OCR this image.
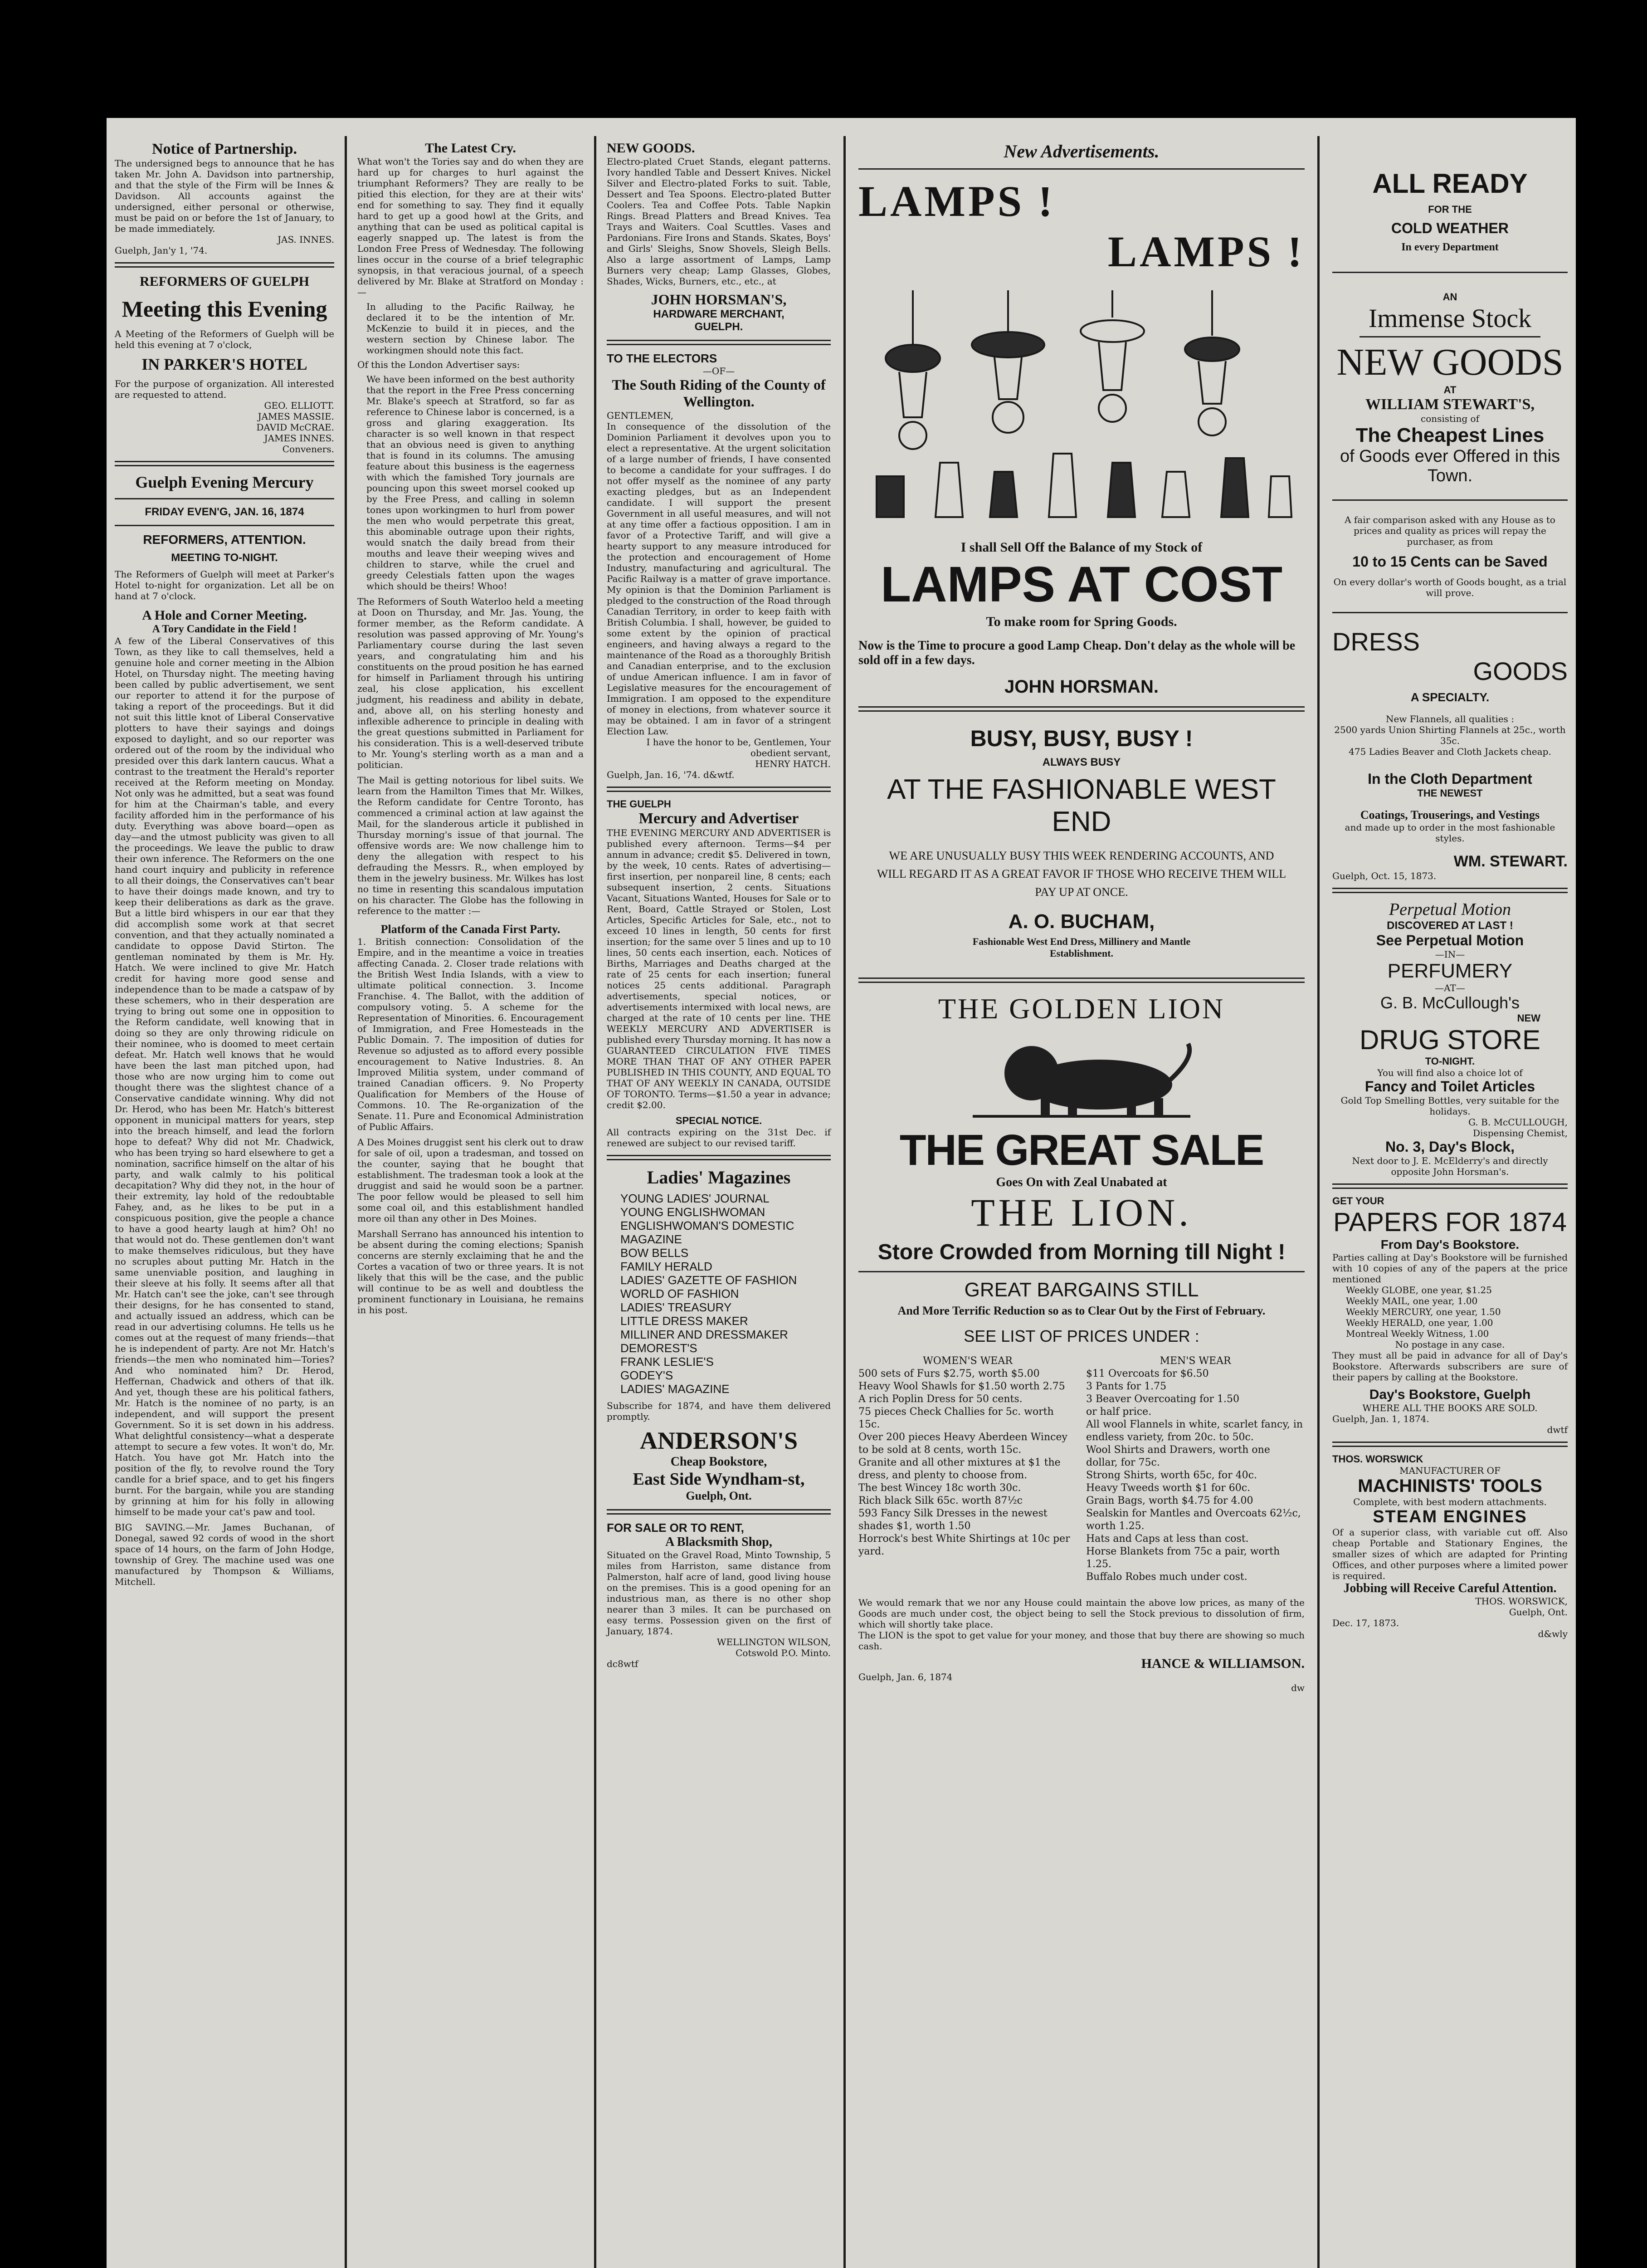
Notice of Partnership.
The undersigned begs to announce that he has taken Mr. John A. Davidson into partnership, and that the style of the Firm will be Innes & Davidson. All accounts against the undersigned, either personal or otherwise, must be paid on or before the 1st of January, to be made immediately.
JAS. INNES.
Guelph, Jan'y 1, '74.
REFORMERS OF GUELPH
Meeting this Evening
A Meeting of the Reformers of Guelph will be held this evening at 7 o'clock,
IN PARKER'S HOTEL
For the purpose of organization. All interested are requested to attend.
GEO. ELLIOTT.
JAMES MASSIE.
DAVID McCRAE.
JAMES INNES.
Conveners.
Guelph Evening Mercury
FRIDAY EVEN'G, JAN. 16, 1874
REFORMERS, ATTENTION.
MEETING TO-NIGHT.
The Reformers of Guelph will meet at Parker's Hotel to-night for organization. Let all be on hand at 7 o'clock.
A Hole and Corner Meeting.
A Tory Candidate in the Field !
A few of the Liberal Conservatives of this Town, as they like to call themselves, held a genuine hole and corner meeting in the Albion Hotel, on Thursday night. The meeting having been called by public advertisement, we sent our reporter to attend it for the purpose of taking a report of the proceedings. But it did not suit this little knot of Liberal Conservative plotters to have their sayings and doings exposed to daylight, and so our reporter was ordered out of the room by the individual who presided over this dark lantern caucus. What a contrast to the treatment the Herald's reporter received at the Reform meeting on Monday. Not only was he admitted, but a seat was found for him at the Chairman's table, and every facility afforded him in the performance of his duty. Everything was above board—open as day—and the utmost publicity was given to all the proceedings. We leave the public to draw their own inference. The Reformers on the one hand court inquiry and publicity in reference to all their doings, the Conservatives can't bear to have their doings made known, and try to keep their deliberations as dark as the grave. But a little bird whispers in our ear that they did accomplish some work at that secret convention, and that they actually nominated a candidate to oppose David Stirton. The gentleman nominated by them is Mr. Hy. Hatch. We were inclined to give Mr. Hatch credit for having more good sense and independence than to be made a catspaw of by these schemers, who in their desperation are trying to bring out some one in opposition to the Reform candidate, well knowing that in doing so they are only throwing ridicule on their nominee, who is doomed to meet certain defeat. Mr. Hatch well knows that he would have been the last man pitched upon, had those who are now urging him to come out thought there was the slightest chance of a Conservative candidate winning. Why did not Dr. Herod, who has been Mr. Hatch's bitterest opponent in municipal matters for years, step into the breach himself, and lead the forlorn hope to defeat? Why did not Mr. Chadwick, who has been trying so hard elsewhere to get a nomination, sacrifice himself on the altar of his party, and walk calmly to his political decapitation? Why did they not, in the hour of their extremity, lay hold of the redoubtable Fahey, and, as he likes to be put in a conspicuous position, give the people a chance to have a good hearty laugh at him? Oh! no that would not do. These gentlemen don't want to make themselves ridiculous, but they have no scruples about putting Mr. Hatch in the same unenviable position, and laughing in their sleeve at his folly. It seems after all that Mr. Hatch can't see the joke, can't see through their designs, for he has consented to stand, and actually issued an address, which can be read in our advertising columns. He tells us he comes out at the request of many friends—that he is independent of party. Are not Mr. Hatch's friends—the men who nominated him—Tories? And who nominated him? Dr. Herod, Heffernan, Chadwick and others of that ilk. And yet, though these are his political fathers, Mr. Hatch is the nominee of no party, is an independent, and will support the present Government. So it is set down in his address. What delightful consistency—what a desperate attempt to secure a few votes. It won't do, Mr. Hatch. You have got Mr. Hatch into the position of the fly, to revolve round the Tory candle for a brief space, and to get his fingers burnt. For the bargain, while you are standing by grinning at him for his folly in allowing himself to be made your cat's paw and tool.
BIG SAVING.—Mr. James Buchanan, of Donegal, sawed 92 cords of wood in the short space of 14 hours, on the farm of John Hodge, township of Grey. The machine used was one manufactured by Thompson & Williams, Mitchell.
The Latest Cry.
What won't the Tories say and do when they are hard up for charges to hurl against the triumphant Reformers? They are really to be pitied this election, for they are at their wits' end for something to say. They find it equally hard to get up a good howl at the Grits, and anything that can be used as political capital is eagerly snapped up. The latest is from the London Free Press of Wednesday. The following lines occur in the course of a brief telegraphic synopsis, in that veracious journal, of a speech delivered by Mr. Blake at Stratford on Monday :—
In alluding to the Pacific Railway, he declared it to be the intention of Mr. McKenzie to build it in pieces, and the western section by Chinese labor. The workingmen should note this fact.
Of this the London Advertiser says:
We have been informed on the best authority that the report in the Free Press concerning Mr. Blake's speech at Stratford, so far as reference to Chinese labor is concerned, is a gross and glaring exaggeration. Its character is so well known in that respect that an obvious need is given to anything that is found in its columns. The amusing feature about this business is the eagerness with which the famished Tory journals are pouncing upon this sweet morsel cooked up by the Free Press, and calling in solemn tones upon workingmen to hurl from power the men who would perpetrate this great, this abominable outrage upon their rights, would snatch the daily bread from their mouths and leave their weeping wives and children to starve, while the cruel and greedy Celestials fatten upon the wages which should be theirs! Whoo!
The Reformers of South Waterloo held a meeting at Doon on Thursday, and Mr. Jas. Young, the former member, as the Reform candidate. A resolution was passed approving of Mr. Young's Parliamentary course during the last seven years, and congratulating him and his constituents on the proud position he has earned for himself in Parliament through his untiring zeal, his close application, his excellent judgment, his readiness and ability in debate, and, above all, on his sterling honesty and inflexible adherence to principle in dealing with the great questions submitted in Parliament for his consideration. This is a well-deserved tribute to Mr. Young's sterling worth as a man and a politician.
The Mail is getting notorious for libel suits. We learn from the Hamilton Times that Mr. Wilkes, the Reform candidate for Centre Toronto, has commenced a criminal action at law against the Mail, for the slanderous article it published in Thursday morning's issue of that journal. The offensive words are: We now challenge him to deny the allegation with respect to his defrauding the Messrs. R., when employed by them in the jewelry business. Mr. Wilkes has lost no time in resenting this scandalous imputation on his character. The Globe has the following in reference to the matter :—
Platform of the Canada First Party.
1. British connection: Consolidation of the Empire, and in the meantime a voice in treaties affecting Canada. 2. Closer trade relations with the British West India Islands, with a view to ultimate political connection. 3. Income Franchise. 4. The Ballot, with the addition of compulsory voting. 5. A scheme for the Representation of Minorities. 6. Encouragement of Immigration, and Free Homesteads in the Public Domain. 7. The imposition of duties for Revenue so adjusted as to afford every possible encouragement to Native Industries. 8. An Improved Militia system, under command of trained Canadian officers. 9. No Property Qualification for Members of the House of Commons. 10. The Re-organization of the Senate. 11. Pure and Economical Administration of Public Affairs.
A Des Moines druggist sent his clerk out to draw for sale of oil, upon a tradesman, and tossed on the counter, saying that he bought that establishment. The tradesman took a look at the druggist and said he would soon be a partner. The poor fellow would be pleased to sell him some coal oil, and this establishment handled more oil than any other in Des Moines.
Marshall Serrano has announced his intention to be absent during the coming elections; Spanish concerns are sternly exclaiming that he and the Cortes a vacation of two or three years. It is not likely that this will be the case, and the public will continue to be as well and doubtless the prominent functionary in Louisiana, he remains in his post.
NEW GOODS.
Electro-plated Cruet Stands, elegant patterns. Ivory handled Table and Dessert Knives. Nickel Silver and Electro-plated Forks to suit. Table, Dessert and Tea Spoons. Electro-plated Butter Coolers. Tea and Coffee Pots. Table Napkin Rings. Bread Platters and Bread Knives. Tea Trays and Waiters. Coal Scuttles. Vases and Pardonians. Fire Irons and Stands. Skates, Boys' and Girls' Sleighs, Snow Shovels, Sleigh Bells. Also a large assortment of Lamps, Lamp Burners very cheap; Lamp Glasses, Globes, Shades, Wicks, Burners, etc., etc., at
JOHN HORSMAN'S,
HARDWARE MERCHANT,
GUELPH.
TO THE ELECTORS
—OF—
The South Riding of the County of Wellington.
GENTLEMEN,
In consequence of the dissolution of the Dominion Parliament it devolves upon you to elect a representative. At the urgent solicitation of a large number of friends, I have consented to become a candidate for your suffrages. I do not offer myself as the nominee of any party exacting pledges, but as an Independent candidate. I will support the present Government in all useful measures, and will not at any time offer a factious opposition. I am in favor of a Protective Tariff, and will give a hearty support to any measure introduced for the protection and encouragement of Home Industry, manufacturing and agricultural. The Pacific Railway is a matter of grave importance. My opinion is that the Dominion Parliament is pledged to the construction of the Road through Canadian Territory, in order to keep faith with British Columbia. I shall, however, be guided to some extent by the opinion of practical engineers, and having always a regard to the maintenance of the Road as a thoroughly British and Canadian enterprise, and to the exclusion of undue American influence. I am in favor of Legislative measures for the encouragement of Immigration. I am opposed to the expenditure of money in elections, from whatever source it may be obtained. I am in favor of a stringent Election Law.
I have the honor to be, Gentlemen, Your obedient servant,
HENRY HATCH.
Guelph, Jan. 16, '74. d&wtf.
THE GUELPH
Mercury and Advertiser
THE EVENING MERCURY AND ADVERTISER is published every afternoon. Terms—$4 per annum in advance; credit $5. Delivered in town, by the week, 10 cents. Rates of advertising—first insertion, per nonpareil line, 8 cents; each subsequent insertion, 2 cents. Situations Vacant, Situations Wanted, Houses for Sale or to Rent, Board, Cattle Strayed or Stolen, Lost Articles, Specific Articles for Sale, etc., not to exceed 10 lines in length, 50 cents for first insertion; for the same over 5 lines and up to 10 lines, 50 cents each insertion, each. Notices of Births, Marriages and Deaths charged at the rate of 25 cents for each insertion; funeral notices 25 cents additional. Paragraph advertisements, special notices, or advertisements intermixed with local news, are charged at the rate of 10 cents per line. THE WEEKLY MERCURY AND ADVERTISER is published every Thursday morning. It has now a GUARANTEED CIRCULATION FIVE TIMES MORE THAN THAT OF ANY OTHER PAPER PUBLISHED IN THIS COUNTY, AND EQUAL TO THAT OF ANY WEEKLY IN CANADA, OUTSIDE OF TORONTO. Terms—$1.50 a year in advance; credit $2.00.
SPECIAL NOTICE.
All contracts expiring on the 31st Dec. if renewed are subject to our revised tariff.
Ladies' Magazines
YOUNG LADIES' JOURNAL
YOUNG ENGLISHWOMAN
ENGLISHWOMAN'S DOMESTIC MAGAZINE
BOW BELLS
FAMILY HERALD
LADIES' GAZETTE OF FASHION
WORLD OF FASHION
LADIES' TREASURY
LITTLE DRESS MAKER
MILLINER AND DRESSMAKER
DEMOREST'S
FRANK LESLIE'S
GODEY'S
LADIES' MAGAZINE
Subscribe for 1874, and have them delivered promptly.
ANDERSON'S
Cheap Bookstore,
East Side Wyndham-st,
Guelph, Ont.
FOR SALE OR TO RENT,
A Blacksmith Shop,
Situated on the Gravel Road, Minto Township, 5 miles from Harriston, same distance from Palmerston, half acre of land, good living house on the premises. This is a good opening for an industrious man, as there is no other shop nearer than 3 miles. It can be purchased on easy terms. Possession given on the first of January, 1874.
WELLINGTON WILSON,
Cotswold P.O. Minto.
dc8wtf
New Advertisements.
LAMPS !
LAMPS !
I shall Sell Off the Balance of my Stock of
LAMPS AT COST
To make room for Spring Goods.
Now is the Time to procure a good Lamp Cheap. Don't delay as the whole will be sold off in a few days.
JOHN HORSMAN.
BUSY, BUSY, BUSY !
ALWAYS BUSY
AT THE FASHIONABLE WEST END
WE ARE UNUSUALLY BUSY THIS WEEK RENDERING ACCOUNTS, AND WILL REGARD IT AS A GREAT FAVOR IF THOSE WHO RECEIVE THEM WILL PAY UP AT ONCE.
A. O. BUCHAM,
Fashionable West End Dress, Millinery and Mantle Establishment.
THE GOLDEN LION
THE GREAT SALE
Goes On with Zeal Unabated at
THE LION.
Store Crowded from Morning till Night !
GREAT BARGAINS STILL
And More Terrific Reduction so as to Clear Out by the First of February.
SEE LIST OF PRICES UNDER :
WOMEN'S WEAR
500 sets of Furs $2.75, worth $5.00
Heavy Wool Shawls for $1.50 worth 2.75
A rich Poplin Dress for 50 cents.
75 pieces Check Challies for 5c. worth 15c.
Over 200 pieces Heavy Aberdeen Wincey to be sold at 8 cents, worth 15c.
Granite and all other mixtures at $1 the dress, and plenty to choose from.
The best Wincey 18c worth 30c.
Rich black Silk 65c. worth 87½c
593 Fancy Silk Dresses in the newest shades $1, worth 1.50
Horrock's best White Shirtings at 10c per yard.
MEN'S WEAR
$11 Overcoats for $6.50
3 Pants for 1.75
3 Beaver Overcoating for 1.50
or half price.
All wool Flannels in white, scarlet fancy, in endless variety, from 20c. to 50c.
Wool Shirts and Drawers, worth one dollar, for 75c.
Strong Shirts, worth 65c, for 40c.
Heavy Tweeds worth $1 for 60c.
Grain Bags, worth $4.75 for 4.00
Sealskin for Mantles and Overcoats 62½c, worth 1.25.
Hats and Caps at less than cost.
Horse Blankets from 75c a pair, worth 1.25.
Buffalo Robes much under cost.
We would remark that we nor any House could maintain the above low prices, as many of the Goods are much under cost, the object being to sell the Stock previous to dissolution of firm, which will shortly take place.
The LION is the spot to get value for your money, and those that buy there are showing so much cash.
HANCE & WILLIAMSON.
Guelph, Jan. 6, 1874
dw
ALL READY
FOR THE
COLD WEATHER
In every Department
AN
Immense Stock
NEW GOODS
AT
WILLIAM STEWART'S,
consisting of
The Cheapest Lines
of Goods ever Offered in this Town.
A fair comparison asked with any House as to prices and quality as prices will repay the purchaser, as from
10 to 15 Cents can be Saved
On every dollar's worth of Goods bought, as a trial will prove.
DRESS
GOODS
A SPECIALTY.
New Flannels, all qualities :
2500 yards Union Shirting Flannels at 25c., worth 35c.
475 Ladies Beaver and Cloth Jackets cheap.
In the Cloth Department
THE NEWEST
Coatings, Trouserings, and Vestings
and made up to order in the most fashionable styles.
WM. STEWART.
Guelph, Oct. 15, 1873.
Perpetual Motion
DISCOVERED AT LAST !
See Perpetual Motion
—IN—
PERFUMERY
—AT—
G. B. McCullough's
NEW
DRUG STORE
TO-NIGHT.
You will find also a choice lot of
Fancy and Toilet Articles
Gold Top Smelling Bottles, very suitable for the holidays.
G. B. McCULLOUGH,
Dispensing Chemist,
No. 3, Day's Block,
Next door to J. E. McElderry's and directly opposite John Horsman's.
GET YOUR
PAPERS FOR 1874
From Day's Bookstore.
Parties calling at Day's Bookstore will be furnished with 10 copies of any of the papers at the price mentioned
Weekly GLOBE, one year, $1.25
Weekly MAIL, one year, 1.00
Weekly MERCURY, one year, 1.50
Weekly HERALD, one year, 1.00
Montreal Weekly Witness, 1.00
No postage in any case.
They must all be paid in advance for all of Day's Bookstore. Afterwards subscribers are sure of their papers by calling at the Bookstore.
Day's Bookstore, Guelph
WHERE ALL THE BOOKS ARE SOLD.
Guelph, Jan. 1, 1874.
dwtf
THOS. WORSWICK
MANUFACTURER OF
MACHINISTS' TOOLS
Complete, with best modern attachments.
STEAM ENGINES
Of a superior class, with variable cut off. Also cheap Portable and Stationary Engines, the smaller sizes of which are adapted for Printing Offices, and other purposes where a limited power is required.
Jobbing will Receive Careful Attention.
THOS. WORSWICK,
Guelph, Ont.
Dec. 17, 1873.
d&wly
